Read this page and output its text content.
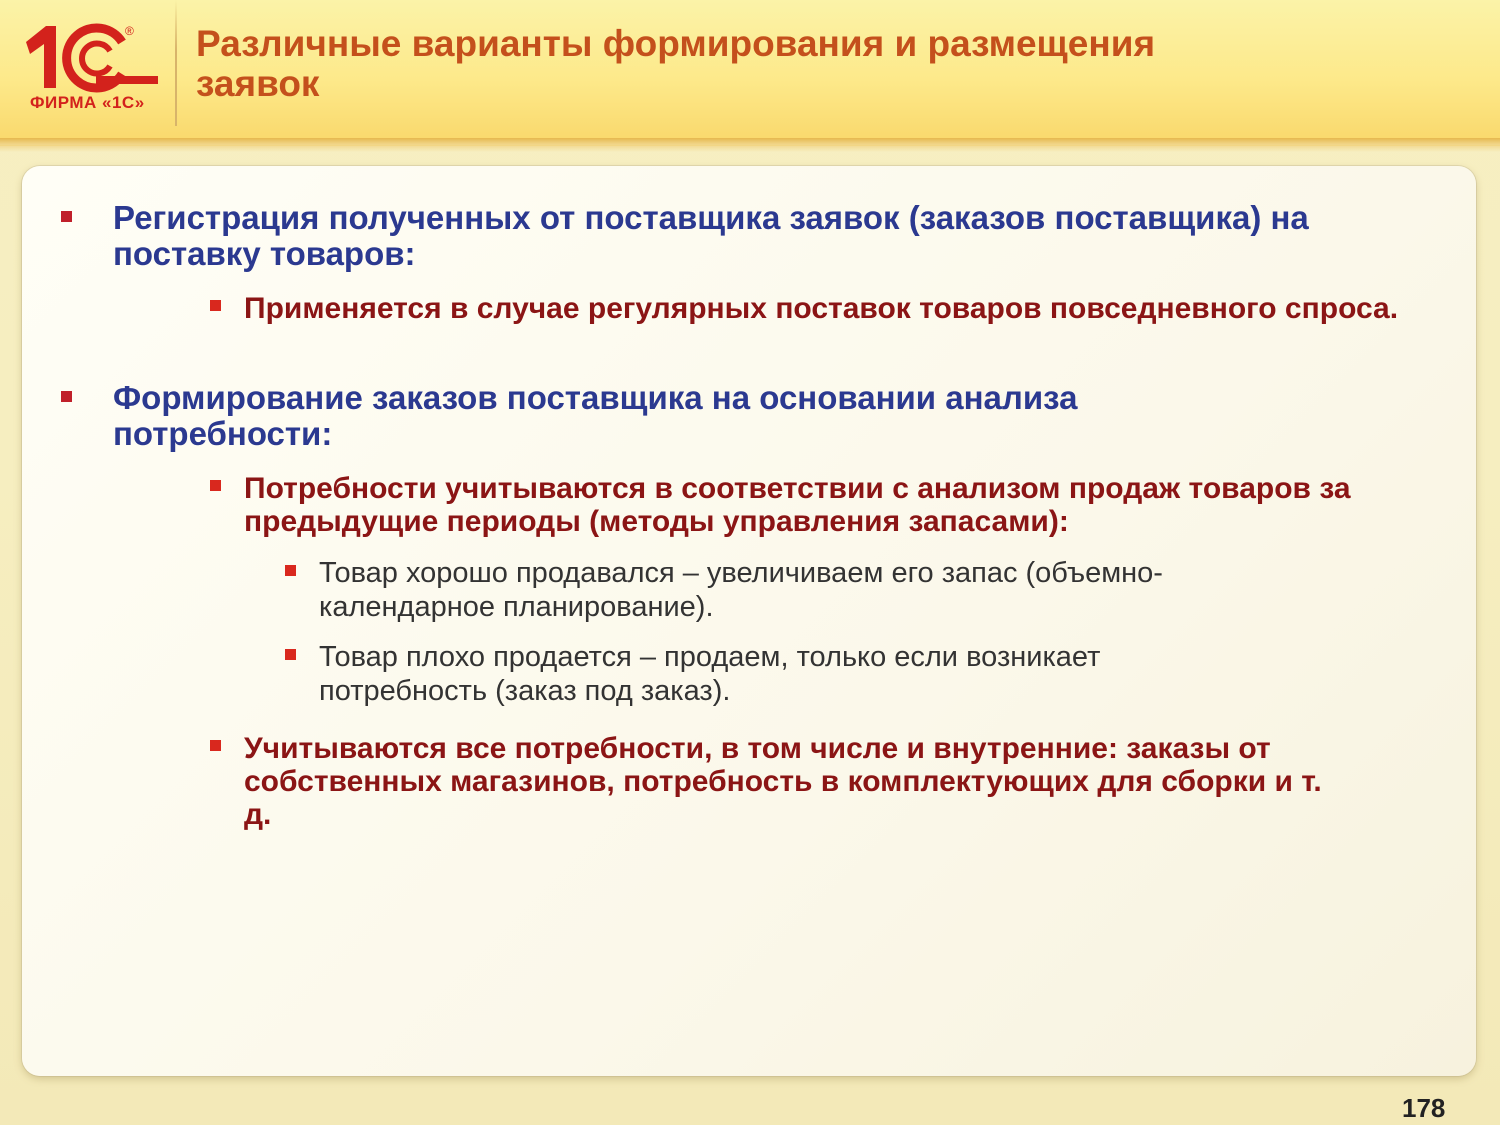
®
ФИРМА «1С»
Различные варианты формирования и размещения заявок

Регистрация полученных от поставщика заявок (заказов поставщика) на поставку товаров:

Применяется в случае регулярных поставок товаров повседневного спроса.

Формирование заказов поставщика на основании анализа потребности:

Потребности учитываются в соответствии с анализом продаж товаров за предыдущие периоды (методы управления запасами):

Товар хорошо продавался – увеличиваем его запас (объемно-календарное планирование).

Товар плохо продается – продаем, только если возникает потребность (заказ под заказ).

Учитываются все потребности, в том числе и внутренние: заказы от собственных магазинов, потребность в комплектующих для сборки и т. д.

178
